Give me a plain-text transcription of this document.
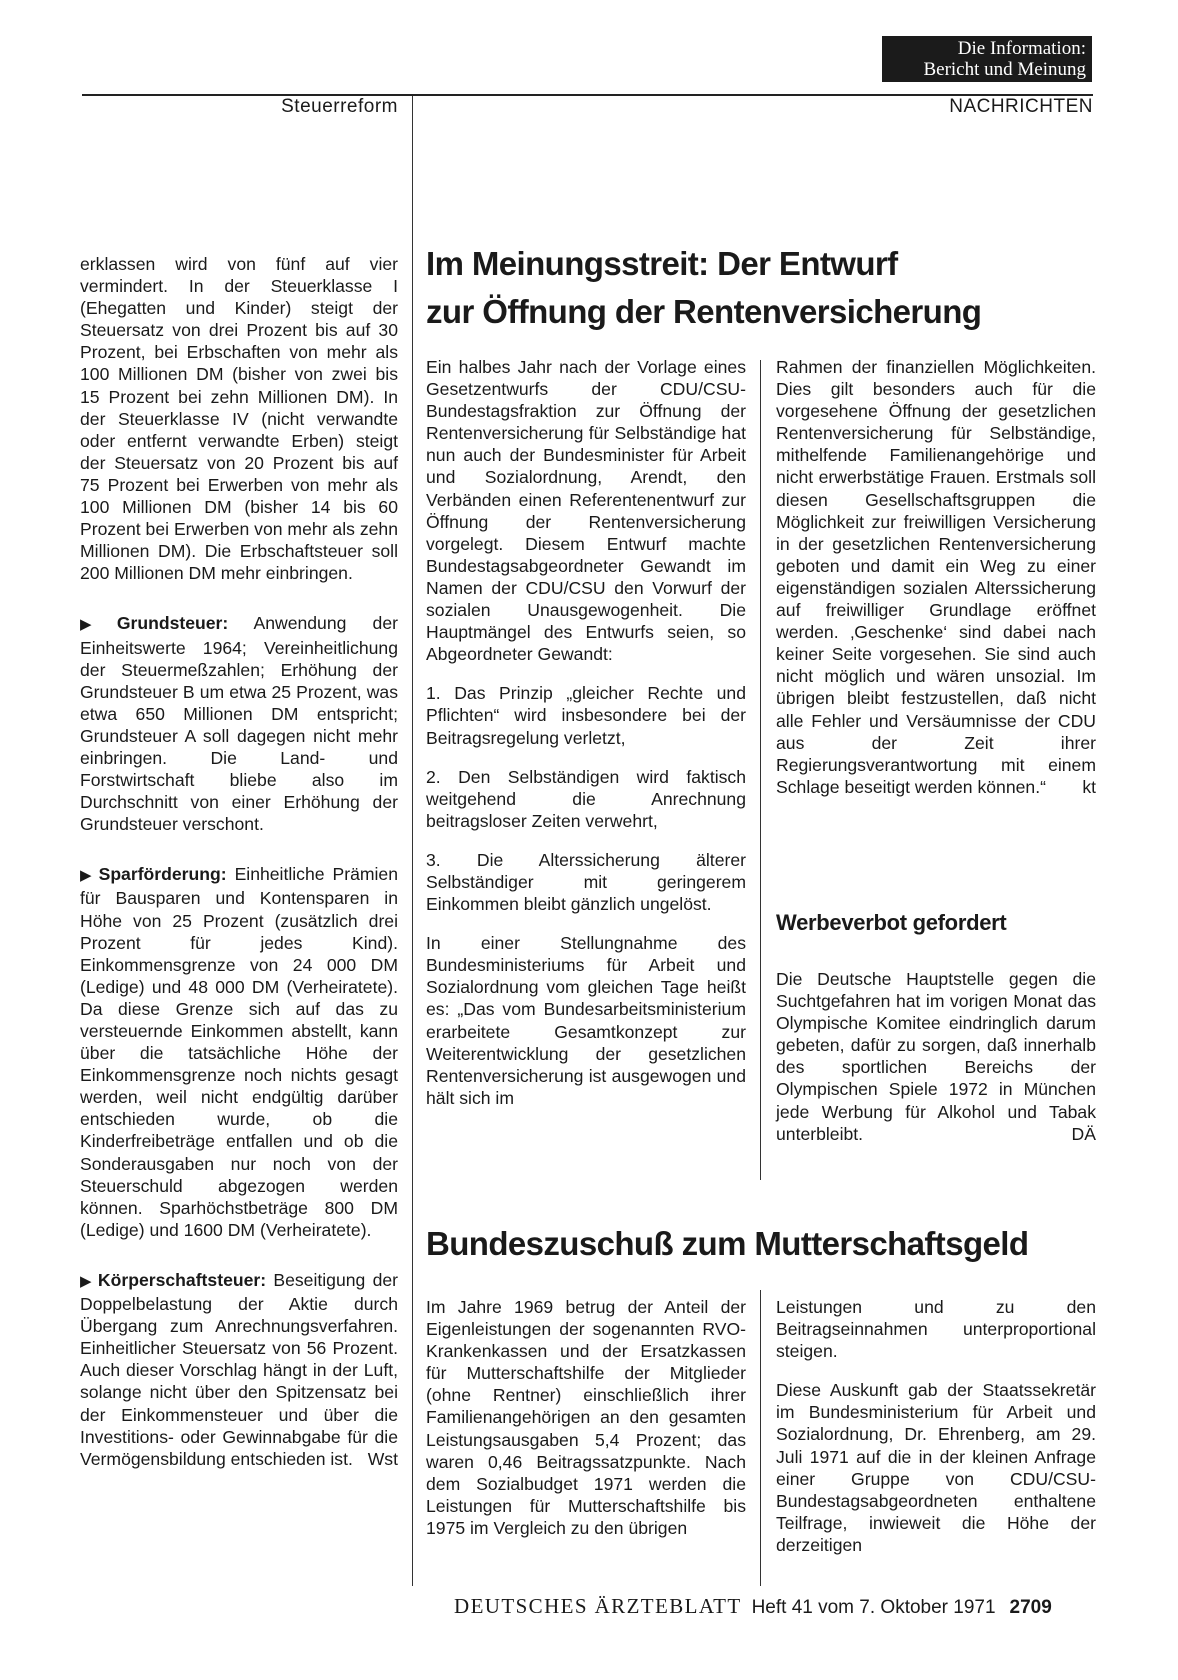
Die Information:
Bericht und Meinung
Steuerreform	NACHRICHTEN

erklassen wird von fünf auf vier vermindert. In der Steuerklasse I (Ehegatten und Kinder) steigt der Steuersatz von drei Prozent bis auf 30 Prozent, bei Erbschaften von mehr als 100 Millionen DM (bisher von zwei bis 15 Prozent bei zehn Millionen DM). In der Steuerklasse IV (nicht verwandte oder entfernt verwandte Erben) steigt der Steuersatz von 20 Prozent bis auf 75 Prozent bei Erwerben von mehr als 100 Millionen DM (bisher 14 bis 60 Prozent bei Erwerben von mehr als zehn Millionen DM). Die Erbschaftsteuer soll 200 Millionen DM mehr einbringen.

▶ Grundsteuer: Anwendung der Einheitswerte 1964; Vereinheitlichung der Steuermeßzahlen; Erhöhung der Grundsteuer B um etwa 25 Prozent, was etwa 650 Millionen DM entspricht; Grundsteuer A soll dagegen nicht mehr einbringen. Die Land- und Forstwirtschaft bliebe also im Durchschnitt von einer Erhöhung der Grundsteuer verschont.

▶ Sparförderung: Einheitliche Prämien für Bausparen und Kontensparen in Höhe von 25 Prozent (zusätzlich drei Prozent für jedes Kind). Einkommensgrenze von 24 000 DM (Ledige) und 48 000 DM (Verheiratete). Da diese Grenze sich auf das zu versteuernde Einkommen abstellt, kann über die tatsächliche Höhe der Einkommensgrenze noch nichts gesagt werden, weil nicht endgültig darüber entschieden wurde, ob die Kinderfreibeträge entfallen und ob die Sonderausgaben nur noch von der Steuerschuld abgezogen werden können. Sparhöchstbeträge 800 DM (Ledige) und 1600 DM (Verheiratete).

▶ Körperschaftsteuer: Beseitigung der Doppelbelastung der Aktie durch Übergang zum Anrechnungsverfahren. Einheitlicher Steuersatz von 56 Prozent. Auch dieser Vorschlag hängt in der Luft, solange nicht über den Spitzensatz bei der Einkommensteuer und über die Investitions- oder Gewinnabgabe für die Vermögensbildung entschieden ist. Wst

Im Meinungsstreit: Der Entwurf
zur Öffnung der Rentenversicherung

Ein halbes Jahr nach der Vorlage eines Gesetzentwurfs der CDU/CSU-Bundestagsfraktion zur Öffnung der Rentenversicherung für Selbständige hat nun auch der Bundesminister für Arbeit und Sozialordnung, Arendt, den Verbänden einen Referentenentwurf zur Öffnung der Rentenversicherung vorgelegt. Diesem Entwurf machte Bundestagsabgeordneter Gewandt im Namen der CDU/CSU den Vorwurf der sozialen Unausgewogenheit. Die Hauptmängel des Entwurfs seien, so Abgeordneter Gewandt:

1. Das Prinzip „gleicher Rechte und Pflichten“ wird insbesondere bei der Beitragsregelung verletzt,

2. Den Selbständigen wird faktisch weitgehend die Anrechnung beitragsloser Zeiten verwehrt,

3. Die Alterssicherung älterer Selbständiger mit geringerem Einkommen bleibt gänzlich ungelöst.

In einer Stellungnahme des Bundesministeriums für Arbeit und Sozialordnung vom gleichen Tage heißt es: „Das vom Bundesarbeitsministerium erarbeitete Gesamtkonzept zur Weiterentwicklung der gesetzlichen Rentenversicherung ist ausgewogen und hält sich im

Rahmen der finanziellen Möglichkeiten. Dies gilt besonders auch für die vorgesehene Öffnung der gesetzlichen Rentenversicherung für Selbständige, mithelfende Familienangehörige und nicht erwerbstätige Frauen. Erstmals soll diesen Gesellschaftsgruppen die Möglichkeit zur freiwilligen Versicherung in der gesetzlichen Rentenversicherung geboten und damit ein Weg zu einer eigenständigen sozialen Alterssicherung auf freiwilliger Grundlage eröffnet werden. ‚Geschenke‘ sind dabei nach keiner Seite vorgesehen. Sie sind auch nicht möglich und wären unsozial. Im übrigen bleibt festzustellen, daß nicht alle Fehler und Versäumnisse der CDU aus der Zeit ihrer Regierungsverantwortung mit einem Schlage beseitigt werden können.“ kt

Werbeverbot gefordert

Die Deutsche Hauptstelle gegen die Suchtgefahren hat im vorigen Monat das Olympische Komitee eindringlich darum gebeten, dafür zu sorgen, daß innerhalb des sportlichen Bereichs der Olympischen Spiele 1972 in München jede Werbung für Alkohol und Tabak unterbleibt.	DÄ

Bundeszuschuß zum Mutterschaftsgeld

Im Jahre 1969 betrug der Anteil der Eigenleistungen der sogenannten RVO-Krankenkassen und der Ersatzkassen für Mutterschaftshilfe der Mitglieder (ohne Rentner) einschließlich ihrer Familienangehörigen an den gesamten Leistungsausgaben 5,4 Prozent; das waren 0,46 Beitragssatzpunkte. Nach dem Sozialbudget 1971 werden die Leistungen für Mutterschaftshilfe bis 1975 im Vergleich zu den übrigen

Leistungen und zu den Beitragseinnahmen unterproportional steigen.

Diese Auskunft gab der Staatssekretär im Bundesministerium für Arbeit und Sozialordnung, Dr. Ehrenberg, am 29. Juli 1971 auf die in der kleinen Anfrage einer Gruppe von CDU/CSU-Bundestagsabgeordneten enthaltene Teilfrage, inwieweit die Höhe der derzeitigen

DEUTSCHES ÄRZTEBLATT Heft 41 vom 7. Oktober 1971 2709
